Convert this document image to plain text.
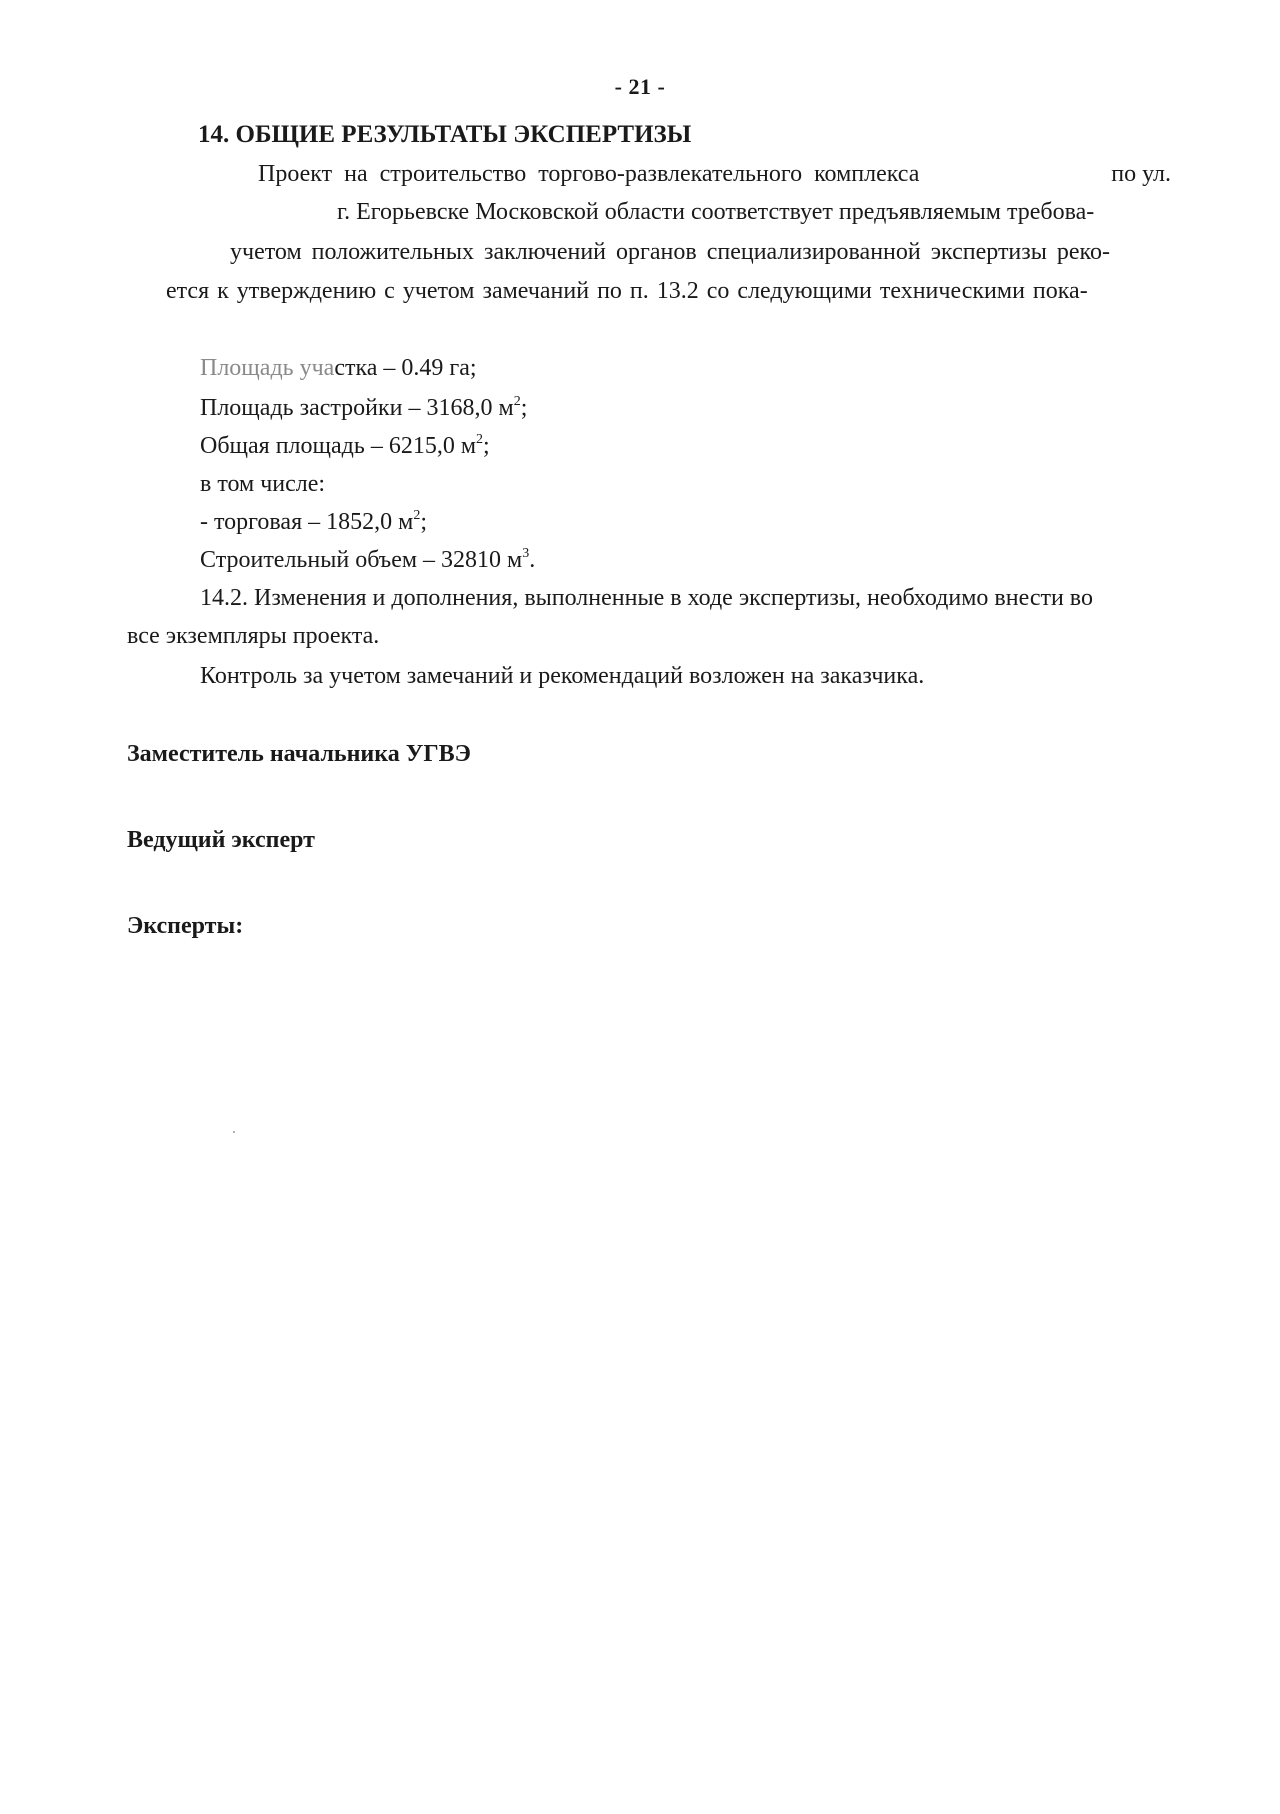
- 21 -
14. ОБЩИЕ РЕЗУЛЬТАТЫ ЭКСПЕРТИЗЫ
Проект на строительство торгово-развлекательного комплекса	по ул.
г. Егорьевске Московской области соответствует предъявляемым требова-
учетом положительных заключений органов специализированной экспертизы реко-
ется к утверждению с учетом замечаний по п. 13.2 со следующими техническими пока-
Площадь участка – 0.49 га;
Площадь застройки – 3168,0 $м^2$;
Общая площадь – 6215,0 $м^2$;
в том числе:
- торговая – 1852,0 $м^2$;
Строительный объем – 32810 $м^3$.
14.2. Изменения и дополнения, выполненные в ходе экспертизы, необходимо внести во
все экземпляры проекта.
Контроль за учетом замечаний и рекомендаций возложен на заказчика.
Заместитель начальника УГВЭ
Ведущий эксперт
Эксперты:
